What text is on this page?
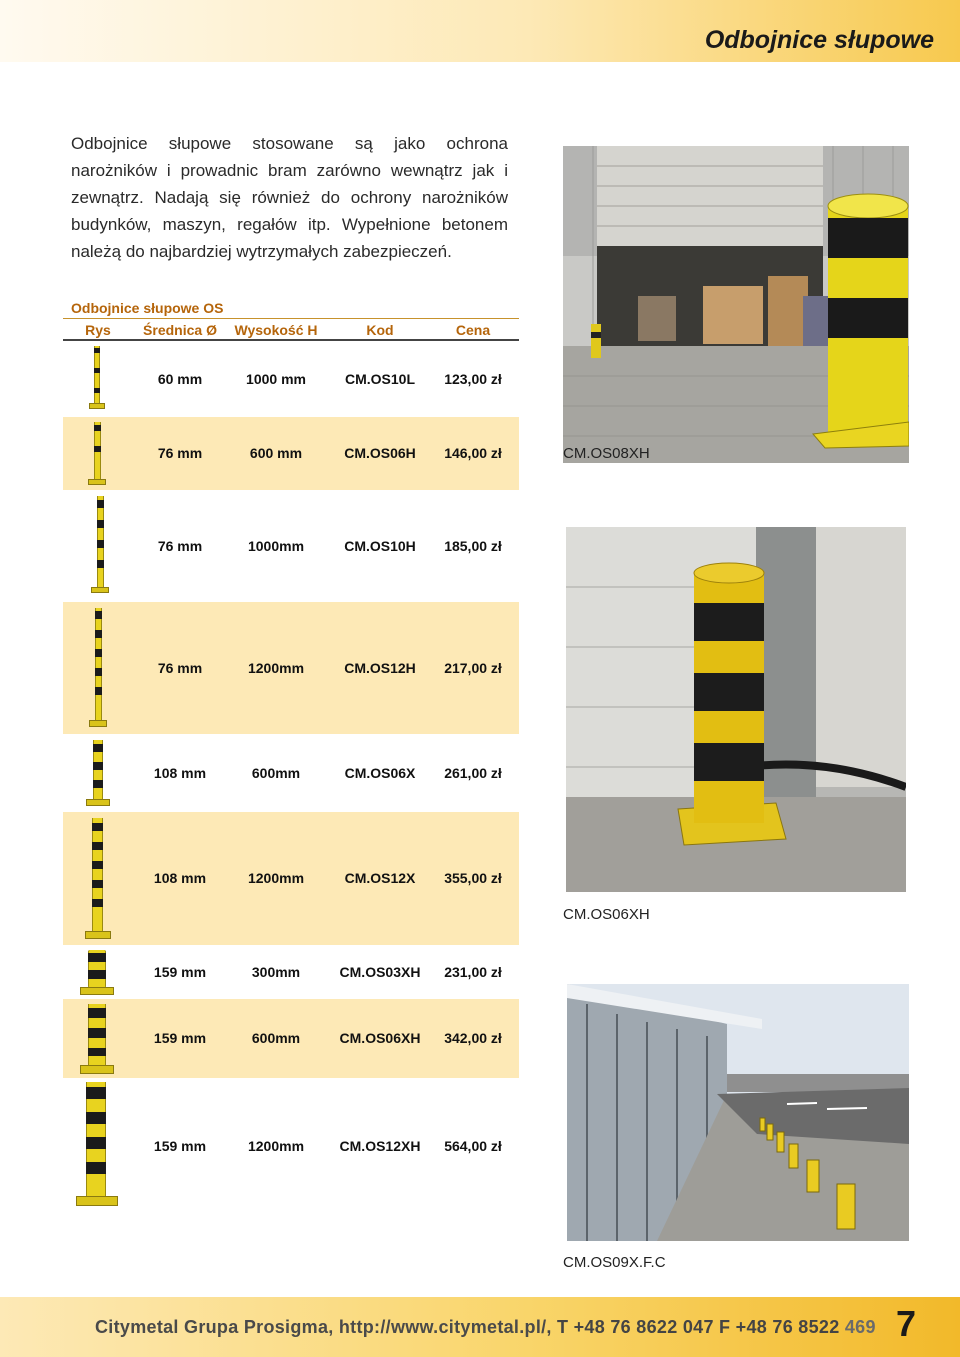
Odbojnice słupowe
Odbojnice słupowe stosowane są jako ochrona narożników i prowadnic bram zarówno wewnątrz jak i zewnątrz. Nadają się również do ochrony narożników budynków, maszyn, regałów itp. Wypełnione betonem należą do najbardziej wytrzymałych zabezpieczeń.
Odbojnice słupowe OS
Rys Średnica Ø Wysokość H	Kod	Cena
60 mm	1000 mm	CM.OS10L 123,00 zł
76 mm	600 mm	CM.OS06H 146,00 zł
76 mm	1000mm	CM.OS10H 185,00 zł
76 mm	1200mm	CM.OS12H 217,00 zł
108 mm	600mm	CM.OS06X 261,00 zł
108 mm	1200mm	CM.OS12X 355,00 zł
159 mm	300mm	CM.OS03XH 231,00 zł
159 mm	600mm	CM.OS06XH 342,00 zł
159 mm	1200mm	CM.OS12XH 564,00 zł
CM.OS08XH
CM.OS06XH
CM.OS09X.F.C
Citymetal Grupa Prosigma, http://www.citymetal.pl/, T +48 76 8622 047 F +48 76 8522 469 7
